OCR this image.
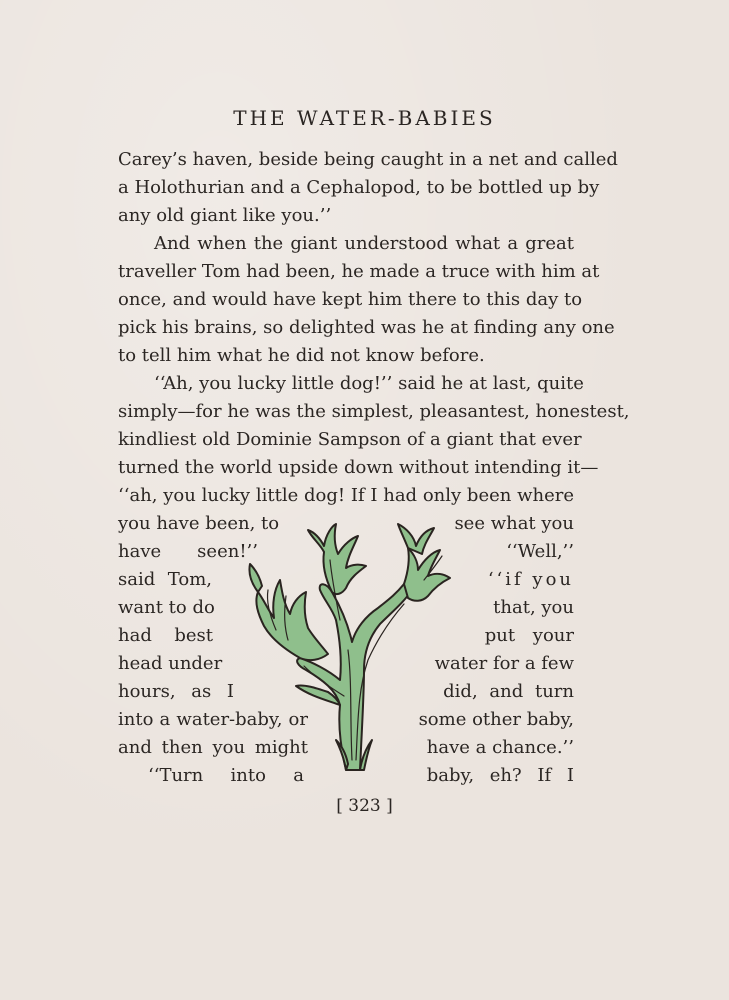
THE WATER-BABIES
Carey’s haven, beside being caught in a net and called
a Holothurian and a Cephalopod, to be bottled up by
any old giant like you.’’
And when the giant understood what a great
traveller Tom had been, he made a truce with him at
once, and would have kept him there to this day to
pick his brains, so delighted was he at finding any one
to tell him what he did not know before.
‘‘Ah, you lucky little dog!’’ said he at last, quite
simply—for he was the simplest, pleasantest, honestest,
kindliest old Dominie Sampson of a giant that ever
turned the world upside down without intending it—
‘‘ah, you lucky little dog! If I had only been where
you have been, to
have seen!’’
said Tom,
want to do
had best
head under
hours, as I
into a water-baby, or
and then you might
‘‘Turn into a
see what you
‘‘Well,’’
‘‘if you
that, you
put your
water for a few
did, and turn
some other baby,
have a chance.’’
baby, eh? If I
[ 323 ]
